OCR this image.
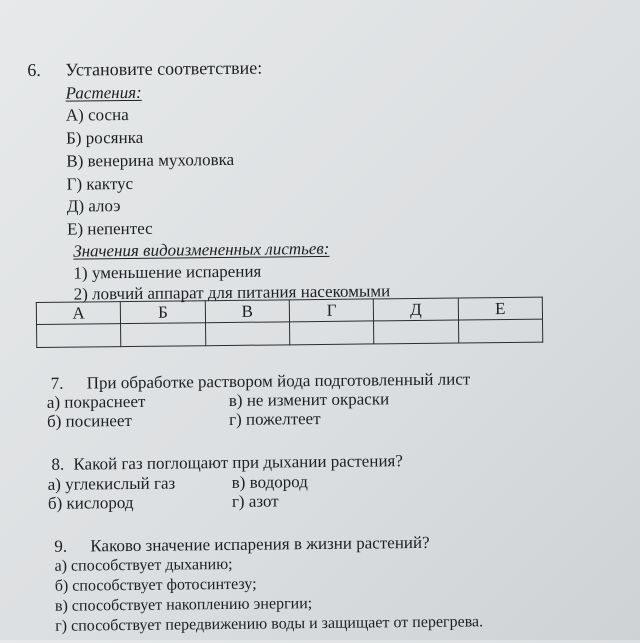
6. Установите соответствие:
Растения:
А) сосна
Б) росянка
В) венерина мухоловка
Г) кактус
Д) алоэ
Е) непентес
Значения видоизмененных листьев:
1) уменьшение испарения
2) ловчий аппарат для питания насекомыми
А	Б	В	Г	Д	Е

7. При обработке раствором йода подготовленный лист
а) покраснеет	в) не изменит окраски
б) посинеет	г) пожелтеет
8. Какой газ поглощают при дыхании растения?
а) углекислый газ	в) водород
б) кислород	г) азот
9. Каково значение испарения в жизни растений?
а) способствует дыханию;
б) способствует фотосинтезу;
в) способствует накоплению энергии;
г) способствует передвижению воды и защищает от перегрева.
